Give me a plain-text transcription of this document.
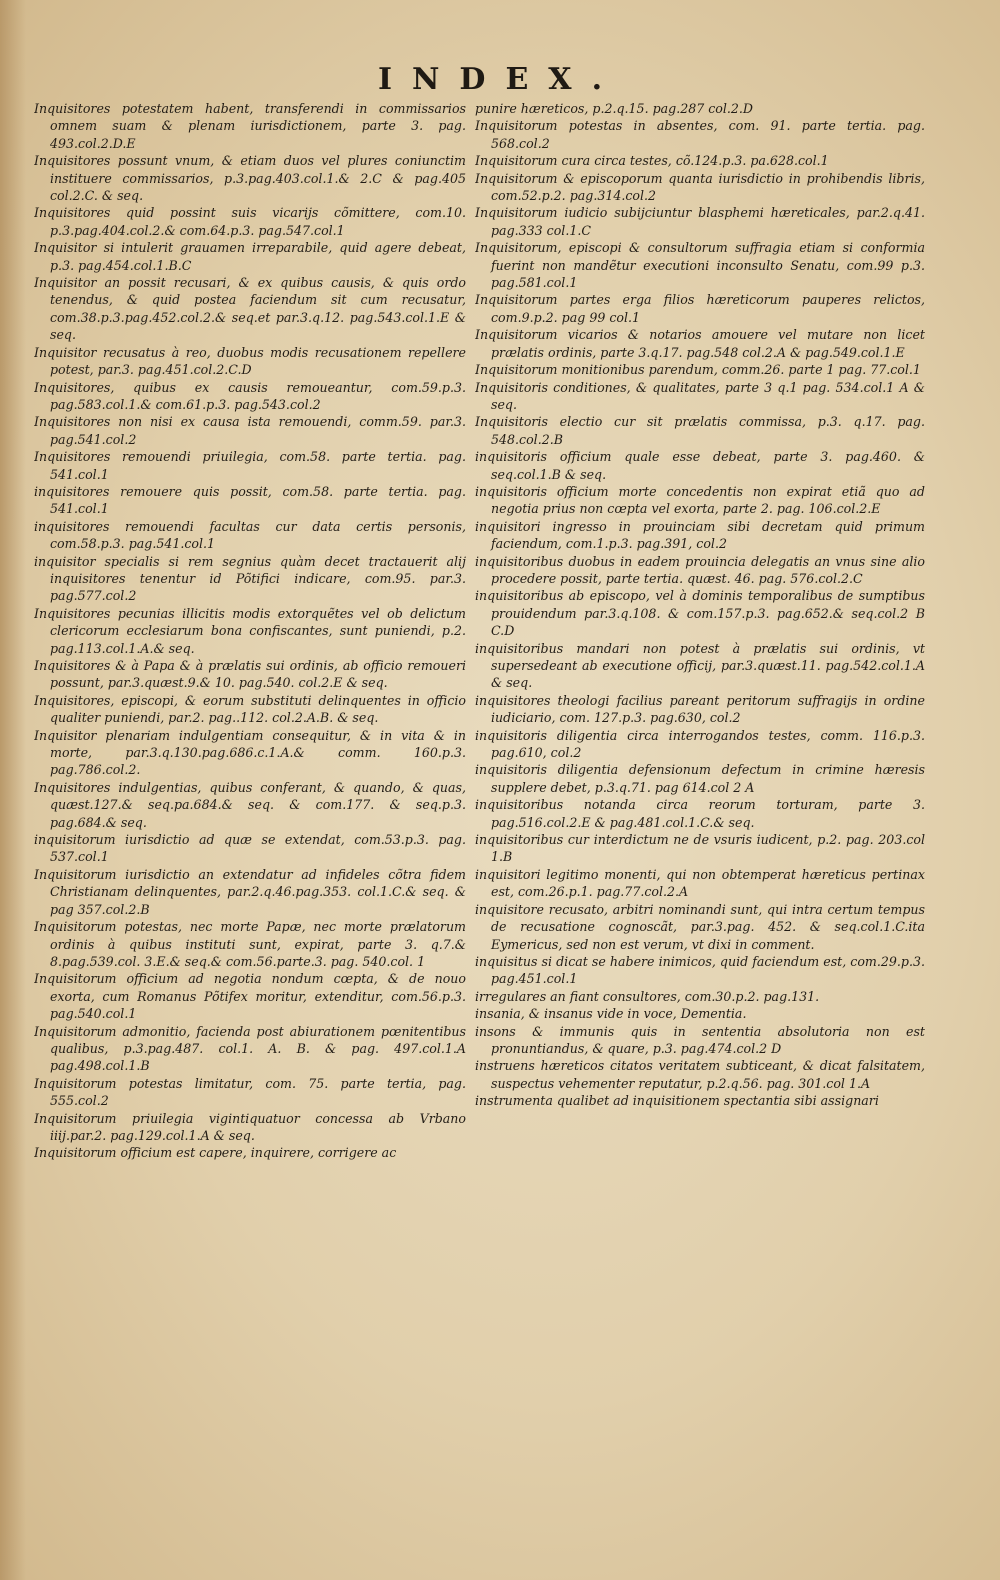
INDEX.

Inquisitores potestatem habent, transferendi in commissarios omnem suam & plenam iurisdictionem, parte 3. pag. 493.col.2.D.E

Inquisitores possunt vnum, & etiam duos vel plures coniunctim instituere commissarios, p.3.pag.403.col.1.& 2.C & pag.405 col.2.C. & seq.

Inquisitores quid possint suis vicarijs cõmittere, com.10. p.3.pag.404.col.2.& com.64.p.3. pag.547.col.1

Inquisitor si intulerit grauamen irreparabile, quid agere debeat, p.3. pag.454.col.1.B.C

Inquisitor an possit recusari, & ex quibus causis, & quis ordo tenendus, & quid postea faciendum sit cum recusatur, com.38.p.3.pag.452.col.2.& seq.et par.3.q.12. pag.543.col.1.E & seq.

Inquisitor recusatus à reo, duobus modis recusationem repellere potest, par.3. pag.451.col.2.C.D

Inquisitores, quibus ex causis remoueantur, com.59.p.3. pag.583.col.1.& com.61.p.3. pag.543.col.2

Inquisitores non nisi ex causa ista remouendi, comm.59. par.3. pag.541.col.2

Inquisitores remouendi priuilegia, com.58. parte tertia. pag. 541.col.1

inquisitores remouere quis possit, com.58. parte tertia. pag. 541.col.1

inquisitores remouendi facultas cur data certis personis, com.58.p.3. pag.541.col.1

inquisitor specialis si rem segnius quàm decet tractauerit alij inquisitores tenentur id Põtifici indicare, com.95. par.3. pag.577.col.2

Inquisitores pecunias illicitis modis extorquẽtes vel ob delictum clericorum ecclesiarum bona confiscantes, sunt puniendi, p.2. pag.113.col.1.A.& seq.

Inquisitores & à Papa & à prælatis sui ordinis, ab officio remoueri possunt, par.3.quæst.9.& 10. pag.540. col.2.E & seq.

Inquisitores, episcopi, & eorum substituti delinquentes in officio qualiter puniendi, par.2. pag..112. col.2.A.B. & seq.

Inquisitor plenariam indulgentiam consequitur, & in vita & in morte, par.3.q.130.pag.686.c.1.A.& comm. 160.p.3. pag.786.col.2.

Inquisitores indulgentias, quibus conferant, & quando, & quas, quæst.127.& seq.pa.684.& seq. & com.177. & seq.p.3. pag.684.& seq.

inquisitorum iurisdictio ad quæ se extendat, com.53.p.3. pag. 537.col.1

Inquisitorum iurisdictio an extendatur ad infideles cõtra fidem Christianam delinquentes, par.2.q.46.pag.353. col.1.C.& seq. & pag 357.col.2.B

Inquisitorum potestas, nec morte Papæ, nec morte prælatorum ordinis à quibus instituti sunt, expirat, parte 3. q.7.& 8.pag.539.col. 3.E.& seq.& com.56.parte.3. pag. 540.col. 1

Inquisitorum officium ad negotia nondum cœpta, & de nouo exorta, cum Romanus Põtifex moritur, extenditur, com.56.p.3. pag.540.col.1

Inquisitorum admonitio, facienda post abiurationem pœnitentibus qualibus, p.3.pag.487. col.1. A. B. & pag. 497.col.1.A pag.498.col.1.B

Inquisitorum potestas limitatur, com. 75. parte tertia, pag. 555.col.2

Inquisitorum priuilegia vigintiquatuor concessa ab Vrbano iiij.par.2. pag.129.col.1.A & seq.

Inquisitorum officium est capere, inquirere, corrigere ac

punire hæreticos, p.2.q.15. pag.287 col.2.D

Inquisitorum potestas in absentes, com. 91. parte tertia. pag. 568.col.2

Inquisitorum cura circa testes, cõ.124.p.3. pa.628.col.1

Inquisitorum & episcoporum quanta iurisdictio in prohibendis libris, com.52.p.2. pag.314.col.2

Inquisitorum iudicio subijciuntur blasphemi hæreticales, par.2.q.41. pag.333 col.1.C

Inquisitorum, episcopi & consultorum suffragia etiam si conformia fuerint non mandẽtur executioni inconsulto Senatu, com.99 p.3. pag.581.col.1

Inquisitorum partes erga filios hæreticorum pauperes relictos, com.9.p.2. pag 99 col.1

Inquisitorum vicarios & notarios amouere vel mutare non licet prælatis ordinis, parte 3.q.17. pag.548 col.2.A & pag.549.col.1.E

Inquisitorum monitionibus parendum, comm.26. parte 1 pag. 77.col.1

Inquisitoris conditiones, & qualitates, parte 3 q.1 pag. 534.col.1 A & seq.

Inquisitoris electio cur sit prælatis commissa, p.3. q.17. pag. 548.col.2.B

inquisitoris officium quale esse debeat, parte 3. pag.460. & seq.col.1.B & seq.

inquisitoris officium morte concedentis non expirat etiã quo ad negotia prius non cœpta vel exorta, parte 2. pag. 106.col.2.E

inquisitori ingresso in prouinciam sibi decretam quid primum faciendum, com.1.p.3. pag.391, col.2

inquisitoribus duobus in eadem prouincia delegatis an vnus sine alio procedere possit, parte tertia. quæst. 46. pag. 576.col.2.C

inquisitoribus ab episcopo, vel à dominis temporalibus de sumptibus prouidendum par.3.q.108. & com.157.p.3. pag.652.& seq.col.2 B C.D

inquisitoribus mandari non potest à prælatis sui ordinis, vt supersedeant ab executione officij, par.3.quæst.11. pag.542.col.1.A & seq.

inquisitores theologi facilius pareant peritorum suffragijs in ordine iudiciario, com. 127.p.3. pag.630, col.2

inquisitoris diligentia circa interrogandos testes, comm. 116.p.3. pag.610, col.2

inquisitoris diligentia defensionum defectum in crimine hæresis supplere debet, p.3.q.71. pag 614.col 2 A

inquisitoribus notanda circa reorum torturam, parte 3. pag.516.col.2.E & pag.481.col.1.C.& seq.

inquisitoribus cur interdictum ne de vsuris iudicent, p.2. pag. 203.col 1.B

inquisitori legitimo monenti, qui non obtemperat hæreticus pertinax est, com.26.p.1. pag.77.col.2.A

inquisitore recusato, arbitri nominandi sunt, qui intra certum tempus de recusatione cognoscãt, par.3.pag. 452. & seq.col.1.C.ita Eymericus, sed non est verum, vt dixi in comment.

inquisitus si dicat se habere inimicos, quid faciendum est, com.29.p.3. pag.451.col.1

irregulares an fiant consultores, com.30.p.2. pag.131.

insania, & insanus vide in voce, Dementia.

insons & immunis quis in sententia absolutoria non est pronuntiandus, & quare, p.3. pag.474.col.2 D

instruens hæreticos citatos veritatem subticeant, & dicat falsitatem, suspectus vehementer reputatur, p.2.q.56. pag. 301.col 1.A

instrumenta qualibet ad inquisitionem spectantia sibi assignari
